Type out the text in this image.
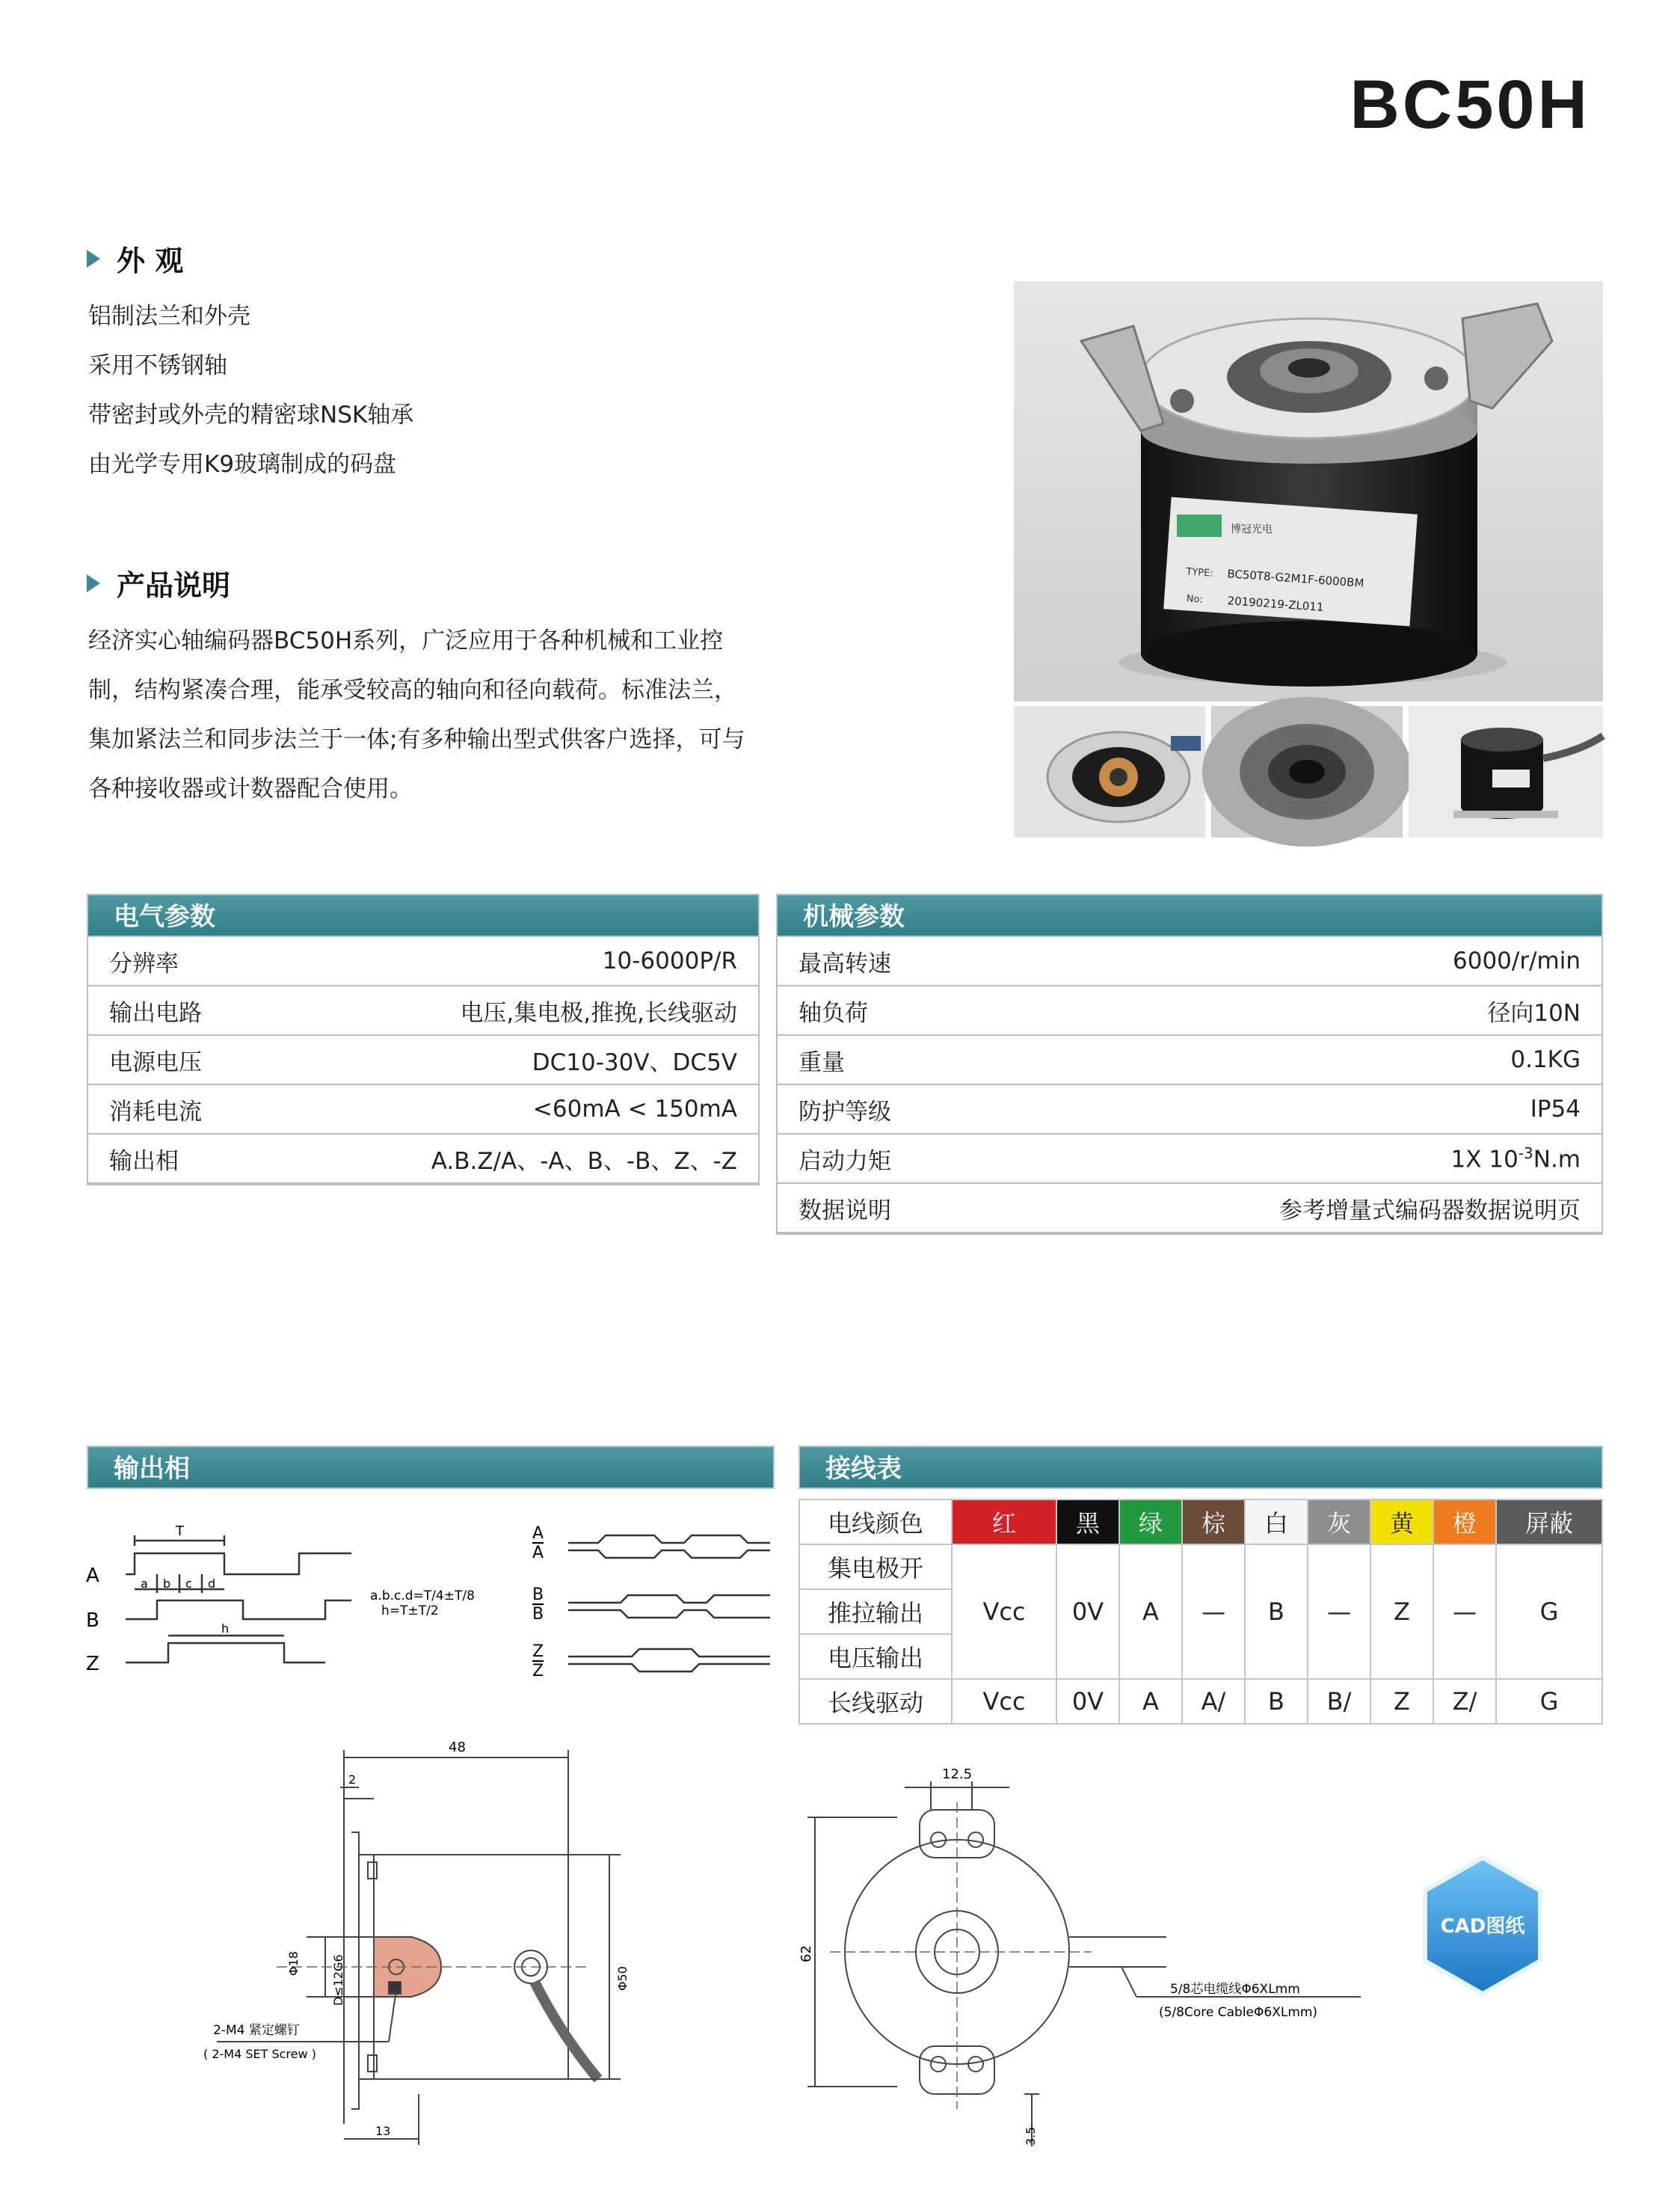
BC50H
外 观
铝制法兰和外壳
采用不锈钢轴
带密封或外壳的精密球NSK轴承
由光学专用K9玻璃制成的码盘
产品说明
经济实心轴编码器BC50H系列，广泛应用于各种机械和工业控
制，结构紧凑合理，能承受较高的轴向和径向载荷。标准法兰，
集加紧法兰和同步法兰于一体;有多种输出型式供客户选择，可与
各种接收器或计数器配合使用。
博冠光电
TYPE: BC50T8-G2M1F-6000BM
No: 20190219-ZL011
电气参数
分辨率	10-6000P/R
输出电路	电压,集电极,推挽,长线驱动
电源电压	DC10-30V、DC5V
消耗电流	<60mA < 150mA
输出相	A.B.Z/A、-A、B、-B、Z、-Z
机械参数
最高转速	6000/r/min
轴负荷	径向10N
重量	0.1KG
防护等级	IP54
启动力矩	1X $10^{-3}N.m$
数据说明	参考增量式编码器数据说明页
输出相
A
B
Z
T
a b c d
h
a.b.c.d=T/4±T/8
h=T±T/2
A
A
B
B
Z
Z
接线表
电线颜色	红	黑	绿	棕	白	灰	黄	橙	屏蔽
集电极开	Vcc	0V	A	—	B	—	Z	—	G
推拉输出									
电压输出									
长线驱动	Vcc	0V	A	A/	B	B/	Z	Z/	G
48
2
Φ18	D≤12G6	Φ50
13
2-M4 紧定螺钉
( 2-M4 SET Screw )
12.5
62
3.5
5/8芯电缆线Φ6XLmm
(5/8Core CableΦ6XLmm)
CAD图纸
